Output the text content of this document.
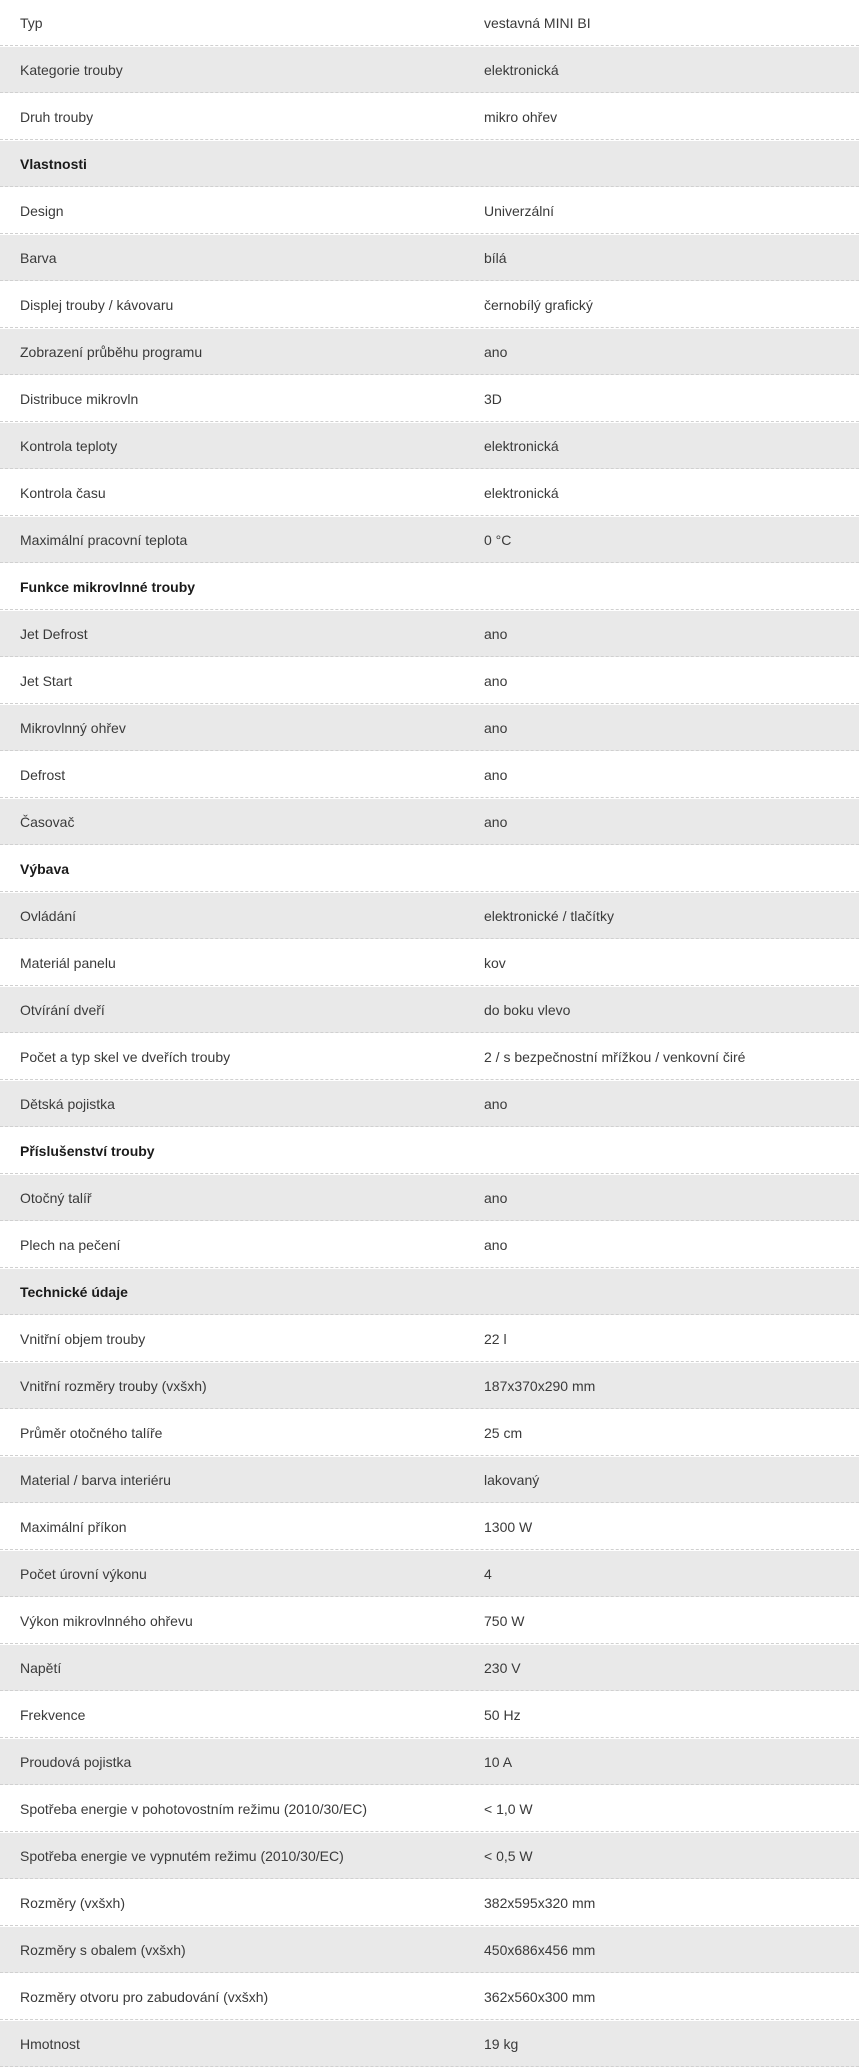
Typ	vestavná MINI BI
Kategorie trouby	elektronická
Druh trouby	mikro ohřev
Vlastnosti
Design	Univerzální
Barva	bílá
Displej trouby / kávovaru	černobílý grafický
Zobrazení průběhu programu	ano
Distribuce mikrovln	3D
Kontrola teploty	elektronická
Kontrola času	elektronická
Maximální pracovní teplota	0 °C
Funkce mikrovlnné trouby
Jet Defrost	ano
Jet Start	ano
Mikrovlnný ohřev	ano
Defrost	ano
Časovač	ano
Výbava
Ovládání	elektronické / tlačítky
Materiál panelu	kov
Otvírání dveří	do boku vlevo
Počet a typ skel ve dveřích trouby	2 / s bezpečnostní mřížkou / venkovní čiré
Dětská pojistka	ano
Příslušenství trouby
Otočný talíř	ano
Plech na pečení	ano
Technické údaje
Vnitřní objem trouby	22 l
Vnitřní rozměry trouby (vxšxh)	187x370x290 mm
Průměr otočného talíře	25 cm
Material / barva interiéru	lakovaný
Maximální příkon	1300 W
Počet úrovní výkonu	4
Výkon mikrovlnného ohřevu	750 W
Napětí	230 V
Frekvence	50 Hz
Proudová pojistka	10 A
Spotřeba energie v pohotovostním režimu (2010/30/EC)	< 1,0 W
Spotřeba energie ve vypnutém režimu (2010/30/EC)	< 0,5 W
Rozměry (vxšxh)	382x595x320 mm
Rozměry s obalem (vxšxh)	450x686x456 mm
Rozměry otvoru pro zabudování (vxšxh)	362x560x300 mm
Hmotnost	19 kg
